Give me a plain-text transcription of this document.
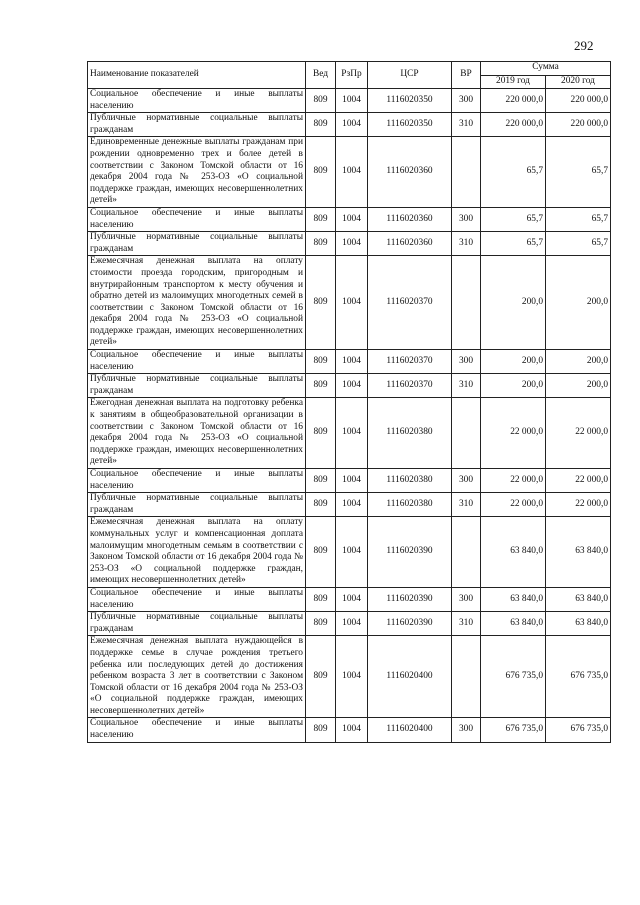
292
Наименование показателей	Вед	РзПр	ЦСР	ВР	Сумма	
					2019 год	2020 год
Социальное обеспечение и иные выплаты населению	809	1004	1116020350	300	220 000,0	220 000,0
Публичные нормативные социальные выплаты гражданам	809	1004	1116020350	310	220 000,0	220 000,0
Единовременные денежные выплаты гражданам при рождении одновременно трех и более детей в соответствии с Законом Томской области от 16 декабря 2004 года № 253-ОЗ «О социальной поддержке граждан, имеющих несовершеннолетних детей»	809	1004	1116020360		65,7	65,7
Социальное обеспечение и иные выплаты населению	809	1004	1116020360	300	65,7	65,7
Публичные нормативные социальные выплаты гражданам	809	1004	1116020360	310	65,7	65,7
Ежемесячная денежная выплата на оплату стоимости проезда городским, пригородным и внутрирайонным транспортом к месту обучения и обратно детей из малоимущих многодетных семей в соответствии с Законом Томской области от 16 декабря 2004 года № 253-ОЗ «О социальной поддержке граждан, имеющих несовершеннолетних детей»	809	1004	1116020370		200,0	200,0
Социальное обеспечение и иные выплаты населению	809	1004	1116020370	300	200,0	200,0
Публичные нормативные социальные выплаты гражданам	809	1004	1116020370	310	200,0	200,0
Ежегодная денежная выплата на подготовку ребенка к занятиям в общеобразовательной организации в соответствии с Законом Томской области от 16 декабря 2004 года № 253-ОЗ «О социальной поддержке граждан, имеющих несовершеннолетних детей»	809	1004	1116020380		22 000,0	22 000,0
Социальное обеспечение и иные выплаты населению	809	1004	1116020380	300	22 000,0	22 000,0
Публичные нормативные социальные выплаты гражданам	809	1004	1116020380	310	22 000,0	22 000,0
Ежемесячная денежная выплата на оплату коммунальных услуг и компенсационная доплата малоимущим многодетным семьям в соответствии с Законом Томской области от 16 декабря 2004 года № 253-ОЗ «О социальной поддержке граждан, имеющих несовершеннолетних детей»	809	1004	1116020390		63 840,0	63 840,0
Социальное обеспечение и иные выплаты населению	809	1004	1116020390	300	63 840,0	63 840,0
Публичные нормативные социальные выплаты гражданам	809	1004	1116020390	310	63 840,0	63 840,0
Ежемесячная денежная выплата нуждающейся в поддержке семье в случае рождения третьего ребенка или последующих детей до достижения ребенком возраста 3 лет в соответствии с Законом Томской области от 16 декабря 2004 года № 253-ОЗ «О социальной поддержке граждан, имеющих несовершеннолетних детей»	809	1004	1116020400		676 735,0	676 735,0
Социальное обеспечение и иные выплаты населению	809	1004	1116020400	300	676 735,0	676 735,0
